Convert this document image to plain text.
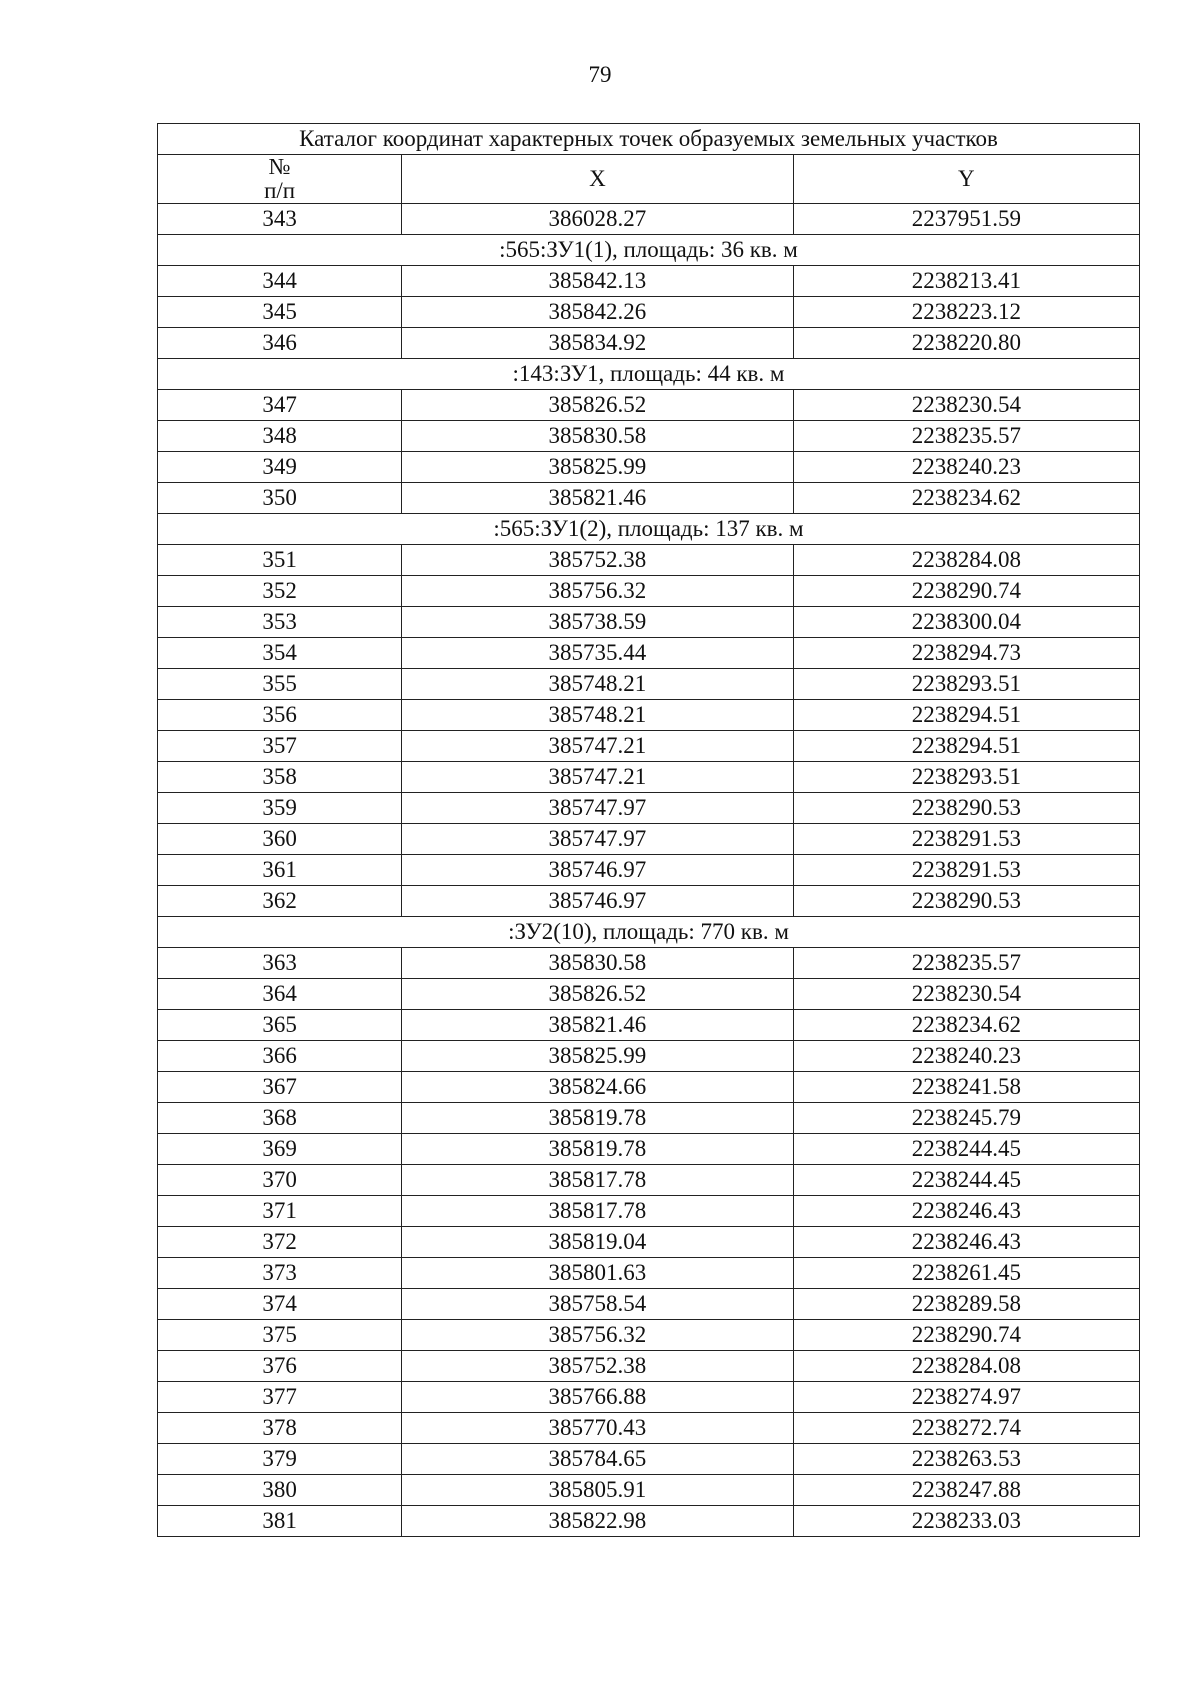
79
Каталог координат характерных точек образуемых земельных участков		

№
п/п	X	Y
343	386028.27	2237951.59
:565:ЗУ1(1), площадь: 36 кв. м		
344	385842.13	2238213.41
345	385842.26	2238223.12
346	385834.92	2238220.80
:143:ЗУ1, площадь: 44 кв. м		
347	385826.52	2238230.54
348	385830.58	2238235.57
349	385825.99	2238240.23
350	385821.46	2238234.62
:565:ЗУ1(2), площадь: 137 кв. м		
351	385752.38	2238284.08
352	385756.32	2238290.74
353	385738.59	2238300.04
354	385735.44	2238294.73
355	385748.21	2238293.51
356	385748.21	2238294.51
357	385747.21	2238294.51
358	385747.21	2238293.51
359	385747.97	2238290.53
360	385747.97	2238291.53
361	385746.97	2238291.53
362	385746.97	2238290.53
:ЗУ2(10), площадь: 770 кв. м		
363	385830.58	2238235.57
364	385826.52	2238230.54
365	385821.46	2238234.62
366	385825.99	2238240.23
367	385824.66	2238241.58
368	385819.78	2238245.79
369	385819.78	2238244.45
370	385817.78	2238244.45
371	385817.78	2238246.43
372	385819.04	2238246.43
373	385801.63	2238261.45
374	385758.54	2238289.58
375	385756.32	2238290.74
376	385752.38	2238284.08
377	385766.88	2238274.97
378	385770.43	2238272.74
379	385784.65	2238263.53
380	385805.91	2238247.88
381	385822.98	2238233.03
